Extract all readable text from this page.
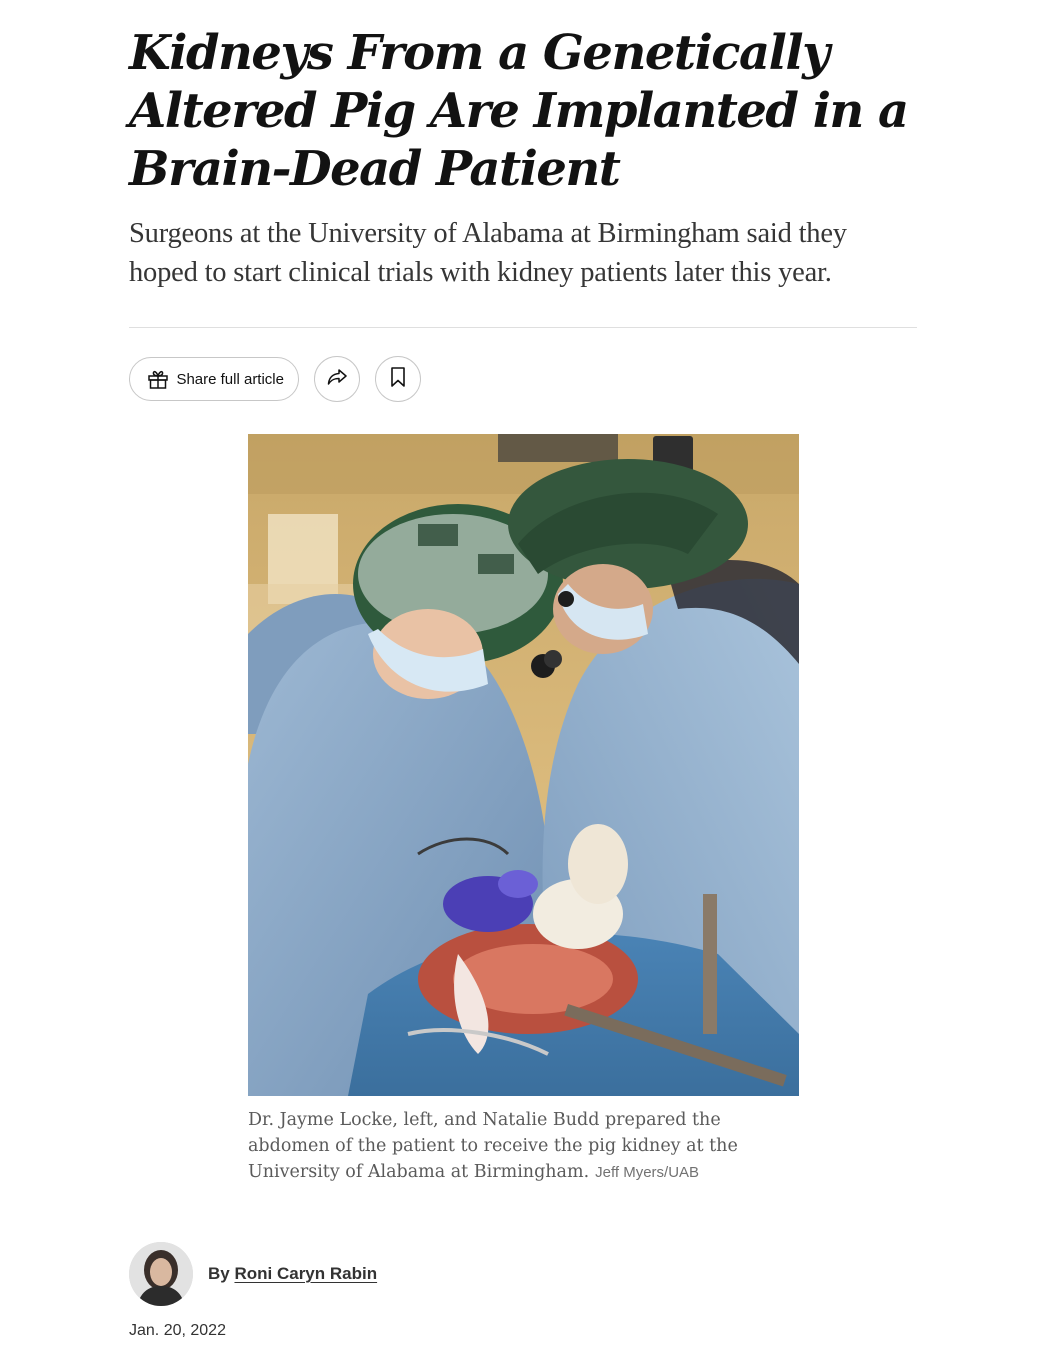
Kidneys From a Genetically Altered Pig Are Implanted in a Brain-Dead Patient

Surgeons at the University of Alabama at Birmingham said they hoped to start clinical trials with kidney patients later this year.

Share full article

Dr. Jayme Locke, left, and Natalie Budd prepared the abdomen of the patient to receive the pig kidney at the University of Alabama at Birmingham. Jeff Myers/UAB

By Roni Caryn Rabin
Jan. 20, 2022
